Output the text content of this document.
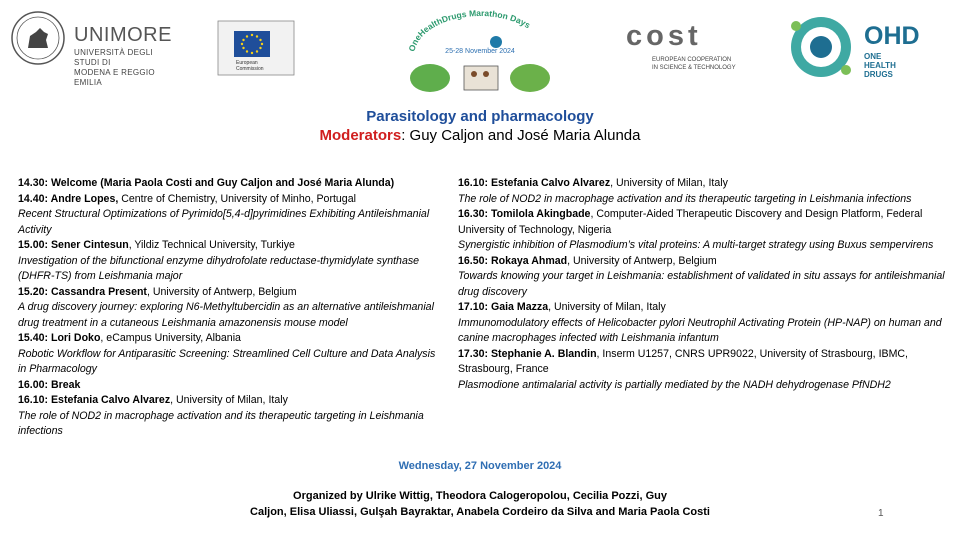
UNIMORE
UNIVERSITÀ DEGLI STUDI DI
MODENA E REGGIO EMILIA
European
Commission
OneHealthDrugs Marathon Days
25-28 November 2024	cost
EUROPEAN COOPERATION
IN SCIENCE & TECHNOLOGY
OHD
ONE
HEALTH
DRUGS
Parasitology and pharmacology
Moderators: Guy Caljon and José Maria Alunda
14.30: Welcome (Maria Paola Costi and Guy Caljon and José Maria Alunda)
14.40: Andre Lopes, Centre of Chemistry, University of Minho, Portugal
Recent Structural Optimizations of Pyrimido[5,4-d]pyrimidines Exhibiting Antileishmanial Activity
15.00: Sener Cintesun, Yildiz Technical University, Turkiye
Investigation of the bifunctional enzyme dihydrofolate reductase-thymidylate synthase (DHFR-TS) from Leishmania major
15.20: Cassandra Present, University of Antwerp, Belgium
A drug discovery journey: exploring N6-Methyltubercidin as an alternative antileishmanial drug treatment in a cutaneous Leishmania amazonensis mouse model
15.40: Lori Doko, eCampus University, Albania
Robotic Workflow for Antiparasitic Screening: Streamlined Cell Culture and Data Analysis in Pharmacology
16.00: Break
16.10: Estefania Calvo Alvarez, University of Milan, Italy
The role of NOD2 in macrophage activation and its therapeutic targeting in Leishmania infections
16.10: Estefania Calvo Alvarez, University of Milan, Italy
The role of NOD2 in macrophage activation and its therapeutic targeting in Leishmania infections
16.30: Tomilola Akingbade, Computer-Aided Therapeutic Discovery and Design Platform, Federal University of Technology, Nigeria
Synergistic inhibition of Plasmodium’s vital proteins: A multi-target strategy using Buxus sempervirens
16.50: Rokaya Ahmad, University of Antwerp, Belgium
Towards knowing your target in Leishmania: establishment of validated in situ assays for antileishmanial drug discovery
17.10: Gaia Mazza, University of Milan, Italy
Immunomodulatory effects of Helicobacter pylori Neutrophil Activating Protein (HP-NAP) on human and canine macrophages infected with Leishmania infantum
17.30: Stephanie A. Blandin, Inserm U1257, CNRS UPR9022, University of Strasbourg, IBMC, Strasbourg, France
Plasmodione antimalarial activity is partially mediated by the NADH dehydrogenase PfNDH2
Wednesday, 27 November 2024
Organized by Ulrike Wittig, Theodora Calogeropolou, Cecilia Pozzi, Guy
Caljon, Elisa Uliassi, Gulşah Bayraktar, Anabela Cordeiro da Silva and Maria Paola Costi	1
